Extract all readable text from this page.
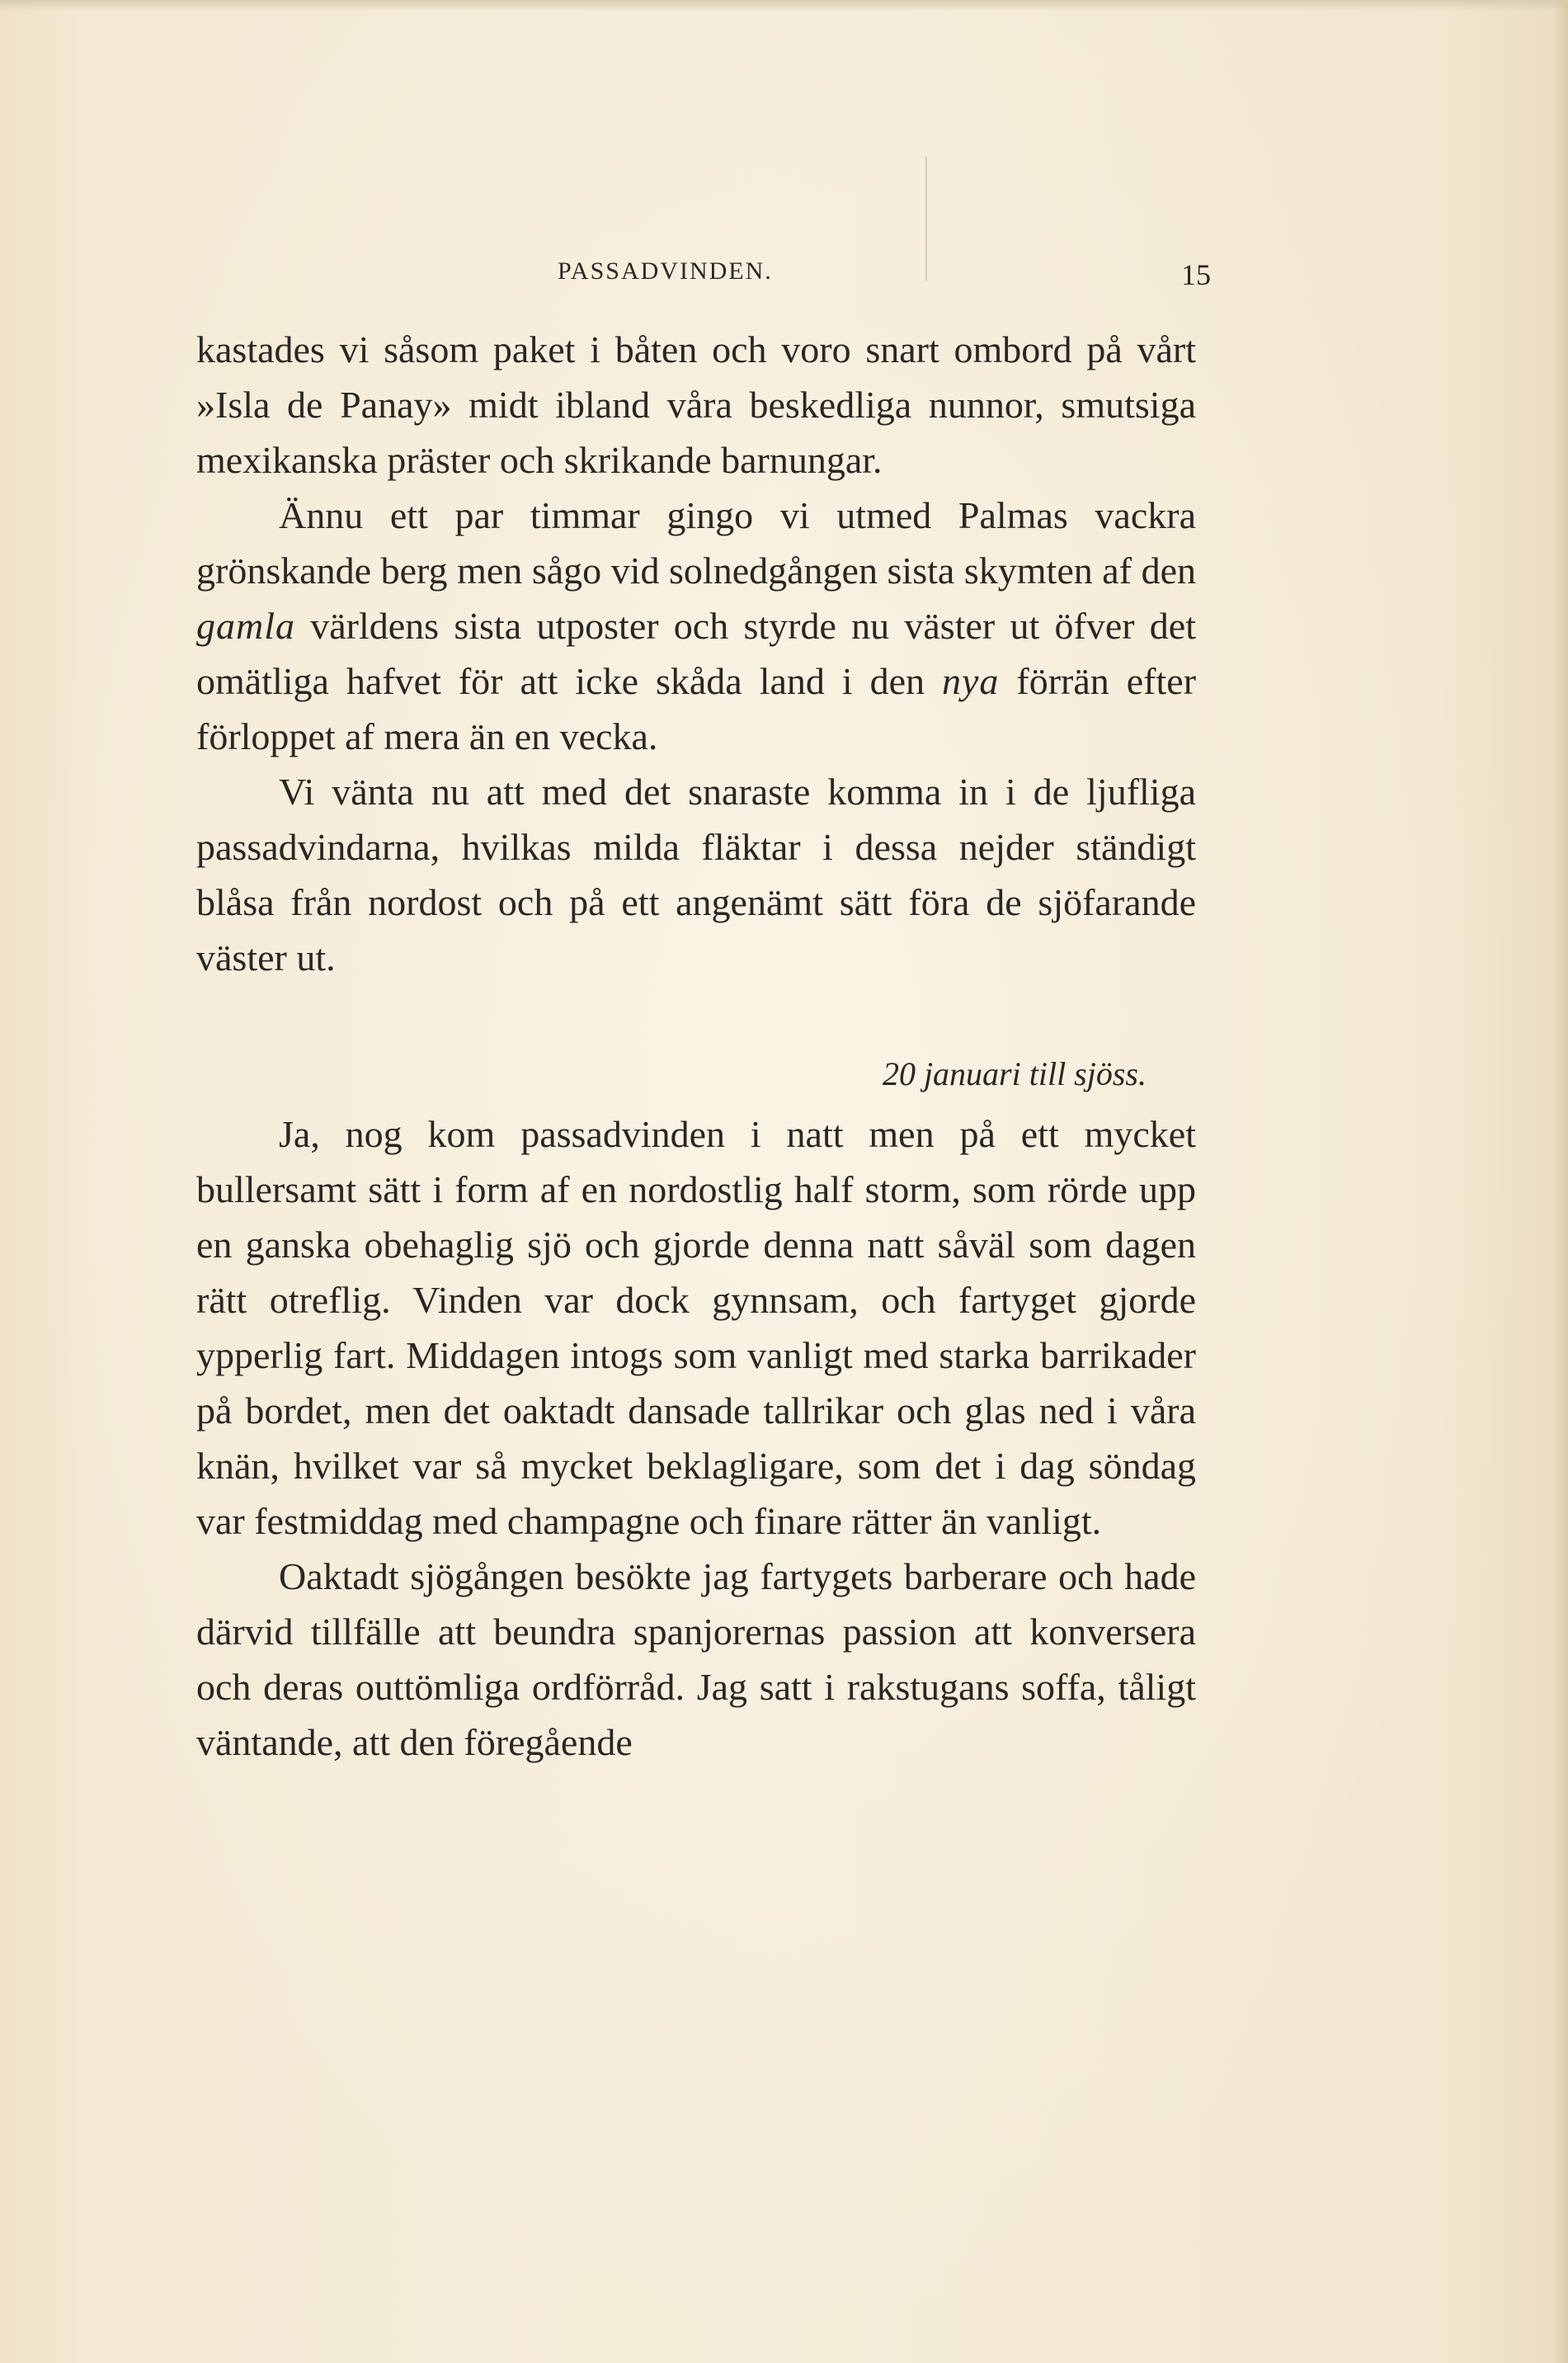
PASSADVINDEN.	15

kastades vi såsom paket i båten och voro snart ombord på vårt »Isla de Panay» midt ibland våra beskedliga nunnor, smutsiga mexikanska präster och skrikande barnungar.

Ännu ett par timmar gingo vi utmed Palmas vackra grönskande berg men sågo vid solnedgången sista skymten af den gamla världens sista utposter och styrde nu väster ut öfver det omätliga hafvet för att icke skåda land i den nya förrän efter förloppet af mera än en vecka.

Vi vänta nu att med det snaraste komma in i de ljufliga passadvindarna, hvilkas milda fläktar i dessa nejder ständigt blåsa från nordost och på ett angenämt sätt föra de sjöfarande väster ut.

20 januari till sjöss.

Ja, nog kom passadvinden i natt men på ett mycket bullersamt sätt i form af en nordostlig half storm, som rörde upp en ganska obehaglig sjö och gjorde denna natt såväl som dagen rätt otreflig. Vinden var dock gynnsam, och fartyget gjorde ypperlig fart. Middagen intogs som vanligt med starka barrikader på bordet, men det oaktadt dansade tallrikar och glas ned i våra knän, hvilket var så mycket beklagligare, som det i dag söndag var festmiddag med champagne och finare rätter än vanligt.

Oaktadt sjögången besökte jag fartygets barberare och hade därvid tillfälle att beundra spanjorernas passion att konversera och deras outtömliga ordförråd. Jag satt i rakstugans soffa, tåligt väntande, att den föregående
